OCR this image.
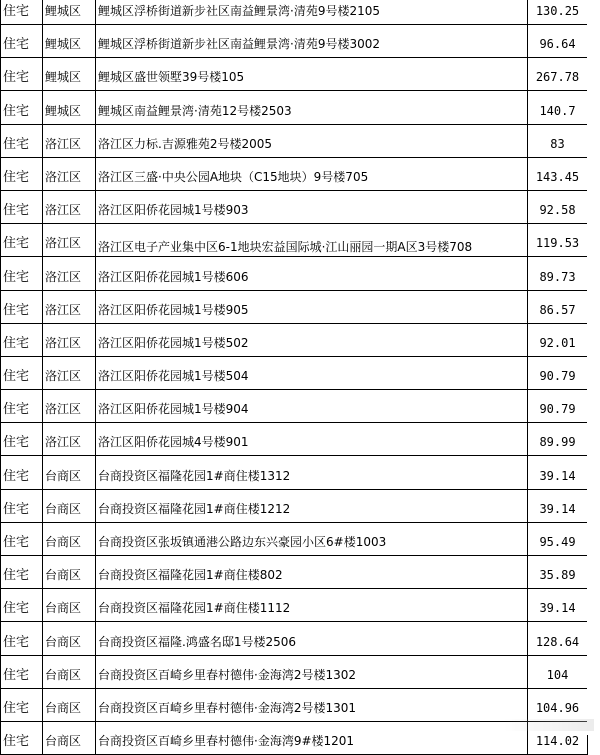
住宅	鲤城区	鲤城区浮桥街道新步社区南益鲤景湾·清苑9号楼2105	130.25
住宅	鲤城区	鲤城区浮桥街道新步社区南益鲤景湾·清苑9号楼3002	96.64
住宅	鲤城区	鲤城区盛世领墅39号楼105	267.78
住宅	鲤城区	鲤城区南益鲤景湾·清苑12号楼2503	140.7
住宅	洛江区	洛江区力标.吉源雅苑2号楼2005	83
住宅	洛江区	洛江区三盛·中央公园A地块（C15地块）9号楼705	143.45
住宅	洛江区	洛江区阳侨花园城1号楼903	92.58
住宅	洛江区	洛江区电子产业集中区6-1地块宏益国际城·江山丽园一期A区3号楼708	119.53
住宅	洛江区	洛江区阳侨花园城1号楼606	89.73
住宅	洛江区	洛江区阳侨花园城1号楼905	86.57
住宅	洛江区	洛江区阳侨花园城1号楼502	92.01
住宅	洛江区	洛江区阳侨花园城1号楼504	90.79
住宅	洛江区	洛江区阳侨花园城1号楼904	90.79
住宅	洛江区	洛江区阳侨花园城4号楼901	89.99
住宅	台商区	台商投资区福隆花园1#商住楼1312	39.14
住宅	台商区	台商投资区福隆花园1#商住楼1212	39.14
住宅	台商区	台商投资区张坂镇通港公路边东兴豪园小区6#楼1003	95.49
住宅	台商区	台商投资区福隆花园1#商住楼802	35.89
住宅	台商区	台商投资区福隆花园1#商住楼1112	39.14
住宅	台商区	台商投资区福隆.鸿盛名邸1号楼2506	128.64
住宅	台商区	台商投资区百崎乡里春村德伟·金海湾2号楼1302	104
住宅	台商区	台商投资区百崎乡里春村德伟·金海湾2号楼1301	104.96
住宅	台商区	台商投资区百崎乡里春村德伟·金海湾9#楼1201	114.02
